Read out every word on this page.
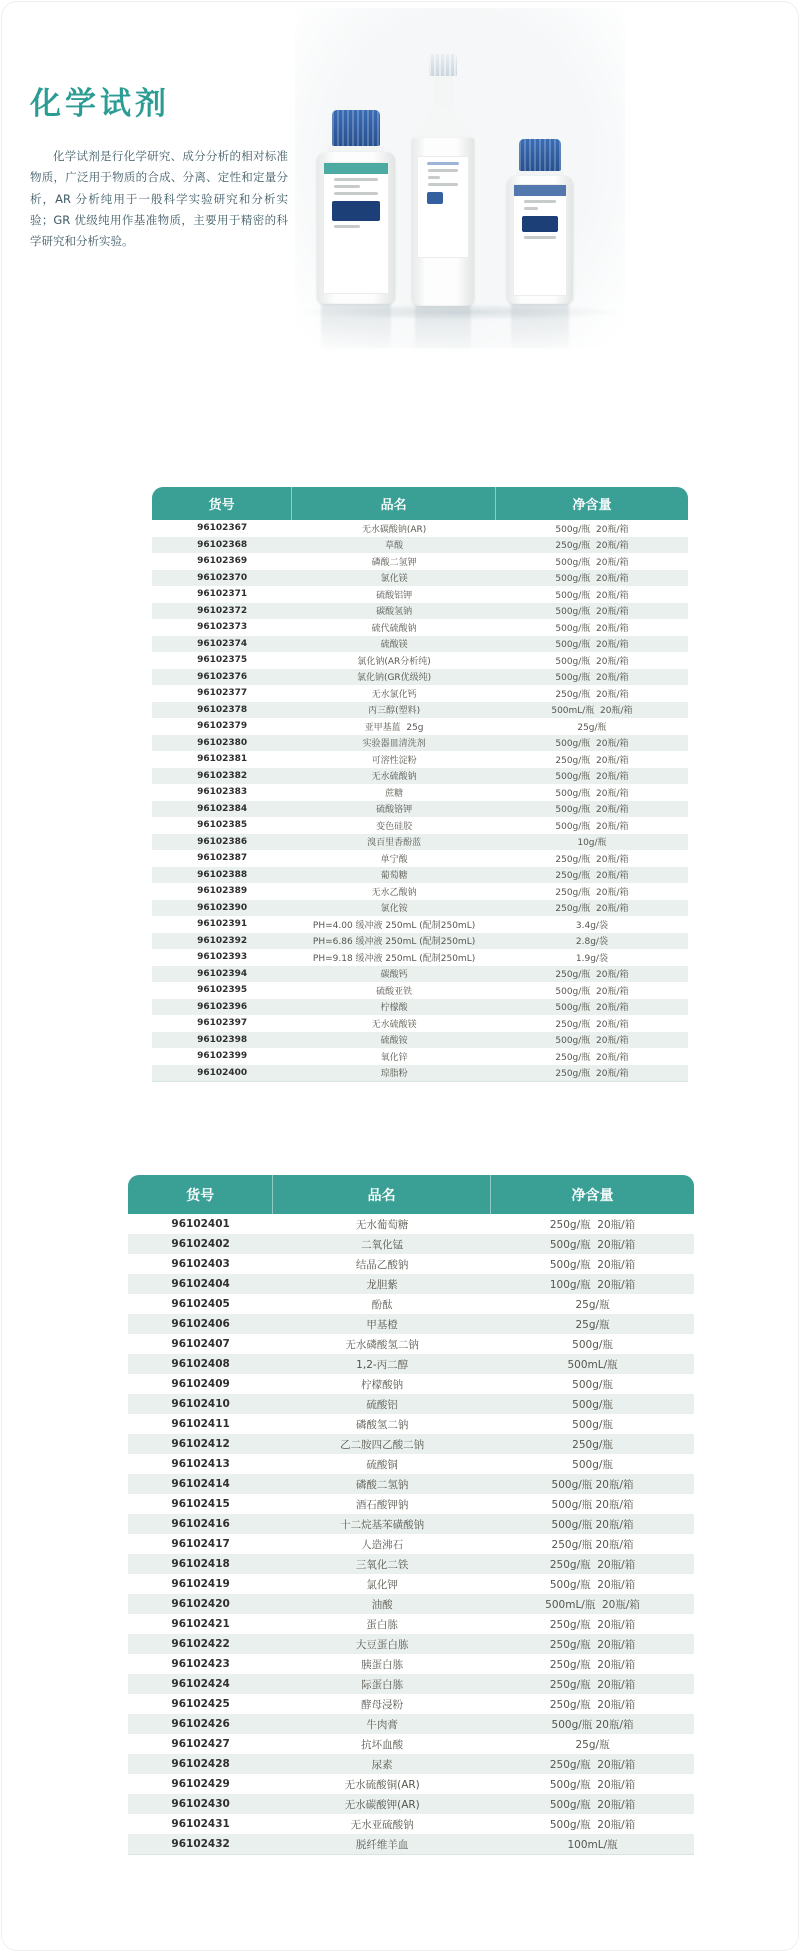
化学试剂
化学试剂是行化学研究、成分分析的相对标准物质，广泛用于物质的合成、分离、定性和定量分析，AR 分析纯用于一般科学实验研究和分析实验；GR 优级纯用作基准物质，主要用于精密的科学研究和分析实验。
货号	品名	净含量
96102367	无水碳酸钠(AR)	500g/瓶  20瓶/箱
96102368	草酸	250g/瓶  20瓶/箱
96102369	磷酸二氢钾	500g/瓶  20瓶/箱
96102370	氯化镁	500g/瓶  20瓶/箱
96102371	硫酸铝钾	500g/瓶  20瓶/箱
96102372	碳酸氢钠	500g/瓶  20瓶/箱
96102373	硫代硫酸钠	500g/瓶  20瓶/箱
96102374	硫酸镁	500g/瓶  20瓶/箱
96102375	氯化钠(AR分析纯)	500g/瓶  20瓶/箱
96102376	氯化钠(GR优级纯)	500g/瓶  20瓶/箱
96102377	无水氯化钙	250g/瓶  20瓶/箱
96102378	丙三醇(塑料)	500mL/瓶  20瓶/箱
96102379	亚甲基蓝  25g	25g/瓶
96102380	实验器皿清洗剂	500g/瓶  20瓶/箱
96102381	可溶性淀粉	250g/瓶  20瓶/箱
96102382	无水硫酸钠	500g/瓶  20瓶/箱
96102383	蔗糖	500g/瓶  20瓶/箱
96102384	硫酸铬钾	500g/瓶  20瓶/箱
96102385	变色硅胶	500g/瓶  20瓶/箱
96102386	溴百里香酚蓝	10g/瓶
96102387	单宁酸	250g/瓶  20瓶/箱
96102388	葡萄糖	250g/瓶  20瓶/箱
96102389	无水乙酸钠	250g/瓶  20瓶/箱
96102390	氯化铵	250g/瓶  20瓶/箱
96102391	PH=4.00 缓冲液 250mL (配制250mL)	3.4g/袋
96102392	PH=6.86 缓冲液 250mL (配制250mL)	2.8g/袋
96102393	PH=9.18 缓冲液 250mL (配制250mL)	1.9g/袋
96102394	碳酸钙	250g/瓶  20瓶/箱
96102395	硫酸亚铁	500g/瓶  20瓶/箱
96102396	柠檬酸	500g/瓶  20瓶/箱
96102397	无水硫酸镁	250g/瓶  20瓶/箱
96102398	硫酸铵	500g/瓶  20瓶/箱
96102399	氧化锌	250g/瓶  20瓶/箱
96102400	琼脂粉	250g/瓶  20瓶/箱
货号	品名	净含量
96102401	无水葡萄糖	250g/瓶  20瓶/箱
96102402	二氧化锰	500g/瓶  20瓶/箱
96102403	结晶乙酸钠	500g/瓶  20瓶/箱
96102404	龙胆紫	100g/瓶  20瓶/箱
96102405	酚酞	25g/瓶
96102406	甲基橙	25g/瓶
96102407	无水磷酸氢二钠	500g/瓶
96102408	1,2-丙二醇	500mL/瓶
96102409	柠檬酸钠	500g/瓶
96102410	硫酸铝	500g/瓶
96102411	磷酸氢二钠	500g/瓶
96102412	乙二胺四乙酸二钠	250g/瓶
96102413	硫酸铜	500g/瓶
96102414	磷酸二氢钠	500g/瓶 20瓶/箱
96102415	酒石酸钾钠	500g/瓶 20瓶/箱
96102416	十二烷基苯磺酸钠	500g/瓶 20瓶/箱
96102417	人造沸石	250g/瓶 20瓶/箱
96102418	三氧化二铁	250g/瓶  20瓶/箱
96102419	氯化钾	500g/瓶  20瓶/箱
96102420	油酸	500mL/瓶  20瓶/箱
96102421	蛋白胨	250g/瓶  20瓶/箱
96102422	大豆蛋白胨	250g/瓶  20瓶/箱
96102423	胰蛋白胨	250g/瓶  20瓶/箱
96102424	际蛋白胨	250g/瓶  20瓶/箱
96102425	酵母浸粉	250g/瓶  20瓶/箱
96102426	牛肉膏	500g/瓶 20瓶/箱
96102427	抗坏血酸	25g/瓶
96102428	尿素	250g/瓶  20瓶/箱
96102429	无水硫酸铜(AR)	500g/瓶  20瓶/箱
96102430	无水碳酸钾(AR)	500g/瓶  20瓶/箱
96102431	无水亚硫酸钠	500g/瓶  20瓶/箱
96102432	脱纤维羊血	100mL/瓶
